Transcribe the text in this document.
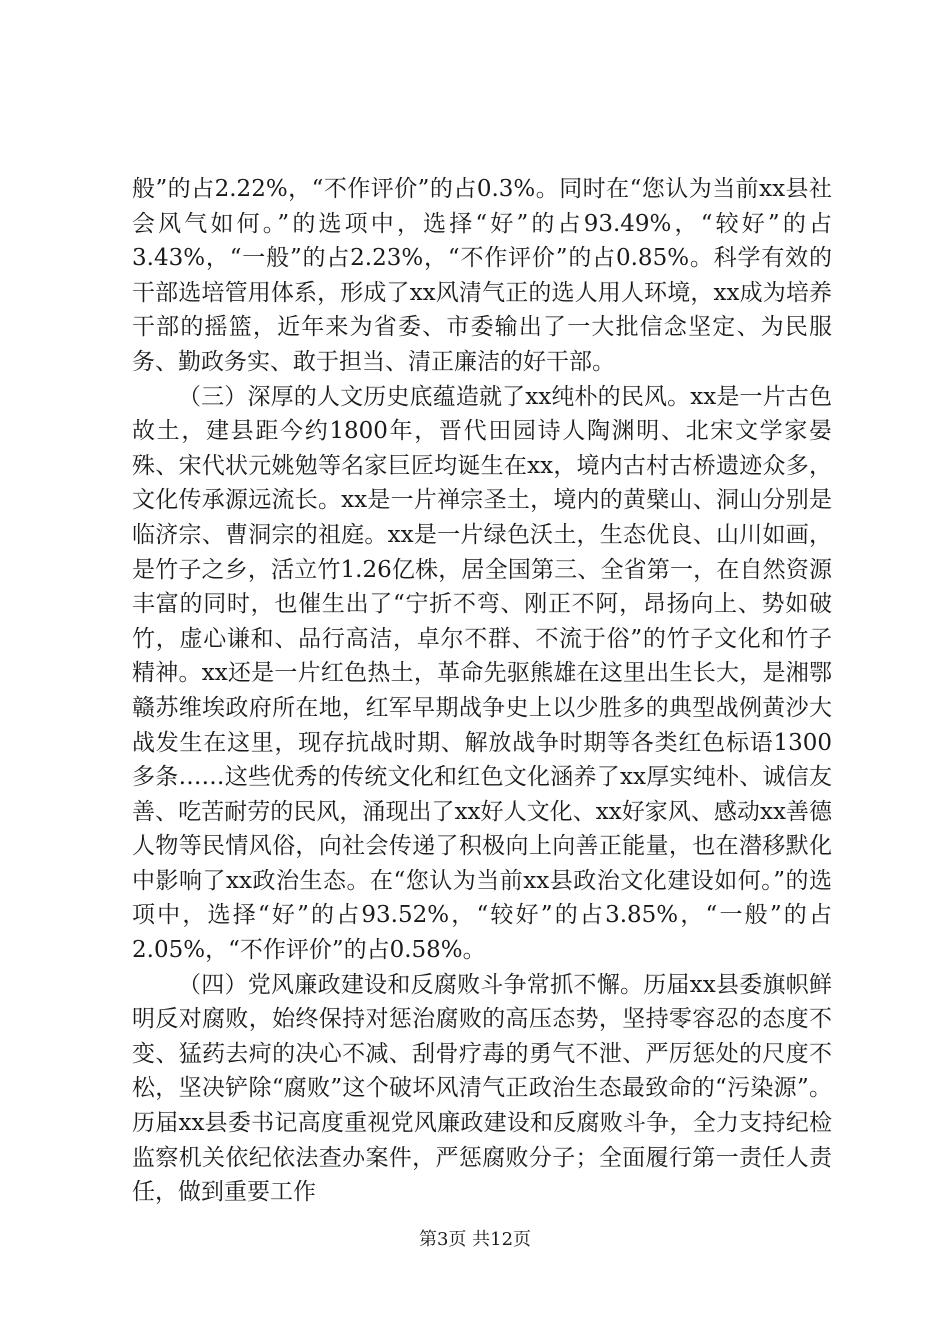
般”的占2.22%，“不作评价”的占0.3%。同时在“您认为当前xx县社会风气如何。”的选项中，选择“好”的占93.49%，“较好”的占3.43%，“一般”的占2.23%，“不作评价”的占0.85%。科学有效的干部选培管用体系，形成了xx风清气正的选人用人环境，xx成为培养干部的摇篮，近年来为省委、市委输出了一大批信念坚定、为民服务、勤政务实、敢于担当、清正廉洁的好干部。

（三）深厚的人文历史底蕴造就了xx纯朴的民风。xx是一片古色故土，建县距今约1800年，晋代田园诗人陶渊明、北宋文学家晏殊、宋代状元姚勉等名家巨匠均诞生在xx，境内古村古桥遗迹众多，文化传承源远流长。xx是一片禅宗圣土，境内的黄檗山、洞山分别是临济宗、曹洞宗的祖庭。xx是一片绿色沃土，生态优良、山川如画，是竹子之乡，活立竹1.26亿株，居全国第三、全省第一，在自然资源丰富的同时，也催生出了“宁折不弯、刚正不阿，昂扬向上、势如破竹，虚心谦和、品行高洁，卓尔不群、不流于俗”的竹子文化和竹子精神。xx还是一片红色热土，革命先驱熊雄在这里出生长大，是湘鄂赣苏维埃政府所在地，红军早期战争史上以少胜多的典型战例黄沙大战发生在这里，现存抗战时期、解放战争时期等各类红色标语1300多条……这些优秀的传统文化和红色文化涵养了xx厚实纯朴、诚信友善、吃苦耐劳的民风，涌现出了xx好人文化、xx好家风、感动xx善德人物等民情风俗，向社会传递了积极向上向善正能量，也在潜移默化中影响了xx政治生态。在“您认为当前xx县政治文化建设如何。”的选项中，选择“好”的占93.52%，“较好”的占3.85%，“一般”的占2.05%，“不作评价”的占0.58%。

（四）党风廉政建设和反腐败斗争常抓不懈。历届xx县委旗帜鲜明反对腐败，始终保持对惩治腐败的高压态势，坚持零容忍的态度不变、猛药去疴的决心不减、刮骨疗毒的勇气不泄、严厉惩处的尺度不松，坚决铲除“腐败”这个破坏风清气正政治生态最致命的“污染源”。历届xx县委书记高度重视党风廉政建设和反腐败斗争，全力支持纪检监察机关依纪依法查办案件，严惩腐败分子；全面履行第一责任人责任，做到重要工作

第3页 共12页
